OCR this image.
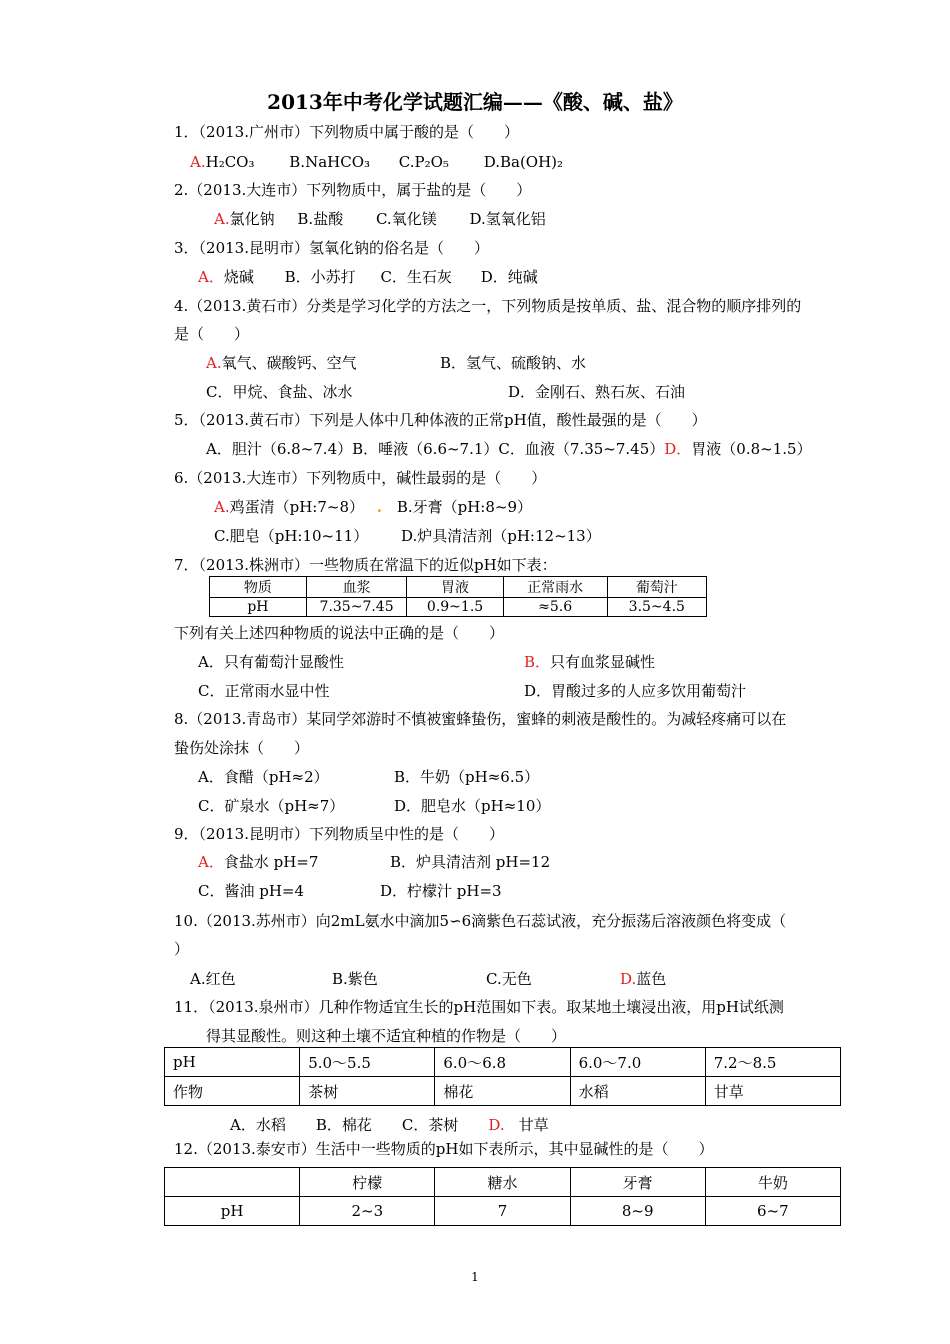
2013年中考化学试题汇编——《酸、碱、盐》
1．（2013.广州市）下列物质中属于酸的是（　　）
A.H₂CO₃ B.NaHCO₃ C.P₂O₅ D.Ba(OH)₂
2.（2013.大连市）下列物质中，属于盐的是（　　）
A.氯化钠 B.盐酸 C.氧化镁 D.氢氧化铝
3．（2013.昆明市）氢氧化钠的俗名是（　　）
A．烧碱 B．小苏打 C．生石灰 D．纯碱
4.（2013.黄石市）分类是学习化学的方法之一，下列物质是按单质、盐、混合物的顺序排列的
是（　　）
A.氧气、碳酸钙、空气	B．氢气、硫酸钠、水
C．甲烷、食盐、冰水	D．金刚石、熟石灰、石油
5．（2013.黄石市）下列是人体中几种体液的正常pH值，酸性最强的是（　　）
A．胆汁（6.8~7.4）B．唾液（6.6~7.1）C．血液（7.35~7.45）D．胃液（0.8~1.5）
6.（2013.大连市）下列物质中，碱性最弱的是（　　）
A.鸡蛋清（pH:7~8） . B.牙膏（pH:8~9）
C.肥皂（pH:10~11） D.炉具清洁剂（pH:12~13）
7．（2013.株洲市）一些物质在常温下的近似pH如下表：
物质	血浆	胃液	正常雨水	葡萄汁
pH	7.35~7.45	0.9~1.5	≈5.6	3.5~4.5
下列有关上述四种物质的说法中正确的是（　　）
A．只有葡萄汁显酸性	B．只有血浆显碱性
C．正常雨水显中性	D．胃酸过多的人应多饮用葡萄汁
8.（2013.青岛市）某同学郊游时不慎被蜜蜂蛰伤，蜜蜂的刺液是酸性的。为减轻疼痛可以在
蛰伤处涂抹（　　）
A．食醋（pH≈2）	B．牛奶（pH≈6.5）
C．矿泉水（pH≈7）	D．肥皂水（pH≈10）
9．（2013.昆明市）下列物质呈中性的是（　　）
A．食盐水 pH=7	B．炉具清洁剂 pH=12
C．酱油 pH=4	D．柠檬汁 pH=3
10.（2013.苏州市）向2mL氨水中滴加5∽6滴紫色石蕊试液，充分振荡后溶液颜色将变成（
）
A.红色	B.紫色	C.无色	D.蓝色
11．（2013.泉州市）几种作物适宜生长的pH范围如下表。取某地土壤浸出液，用pH试纸测
得其显酸性。则这种土壤不适宜种植的作物是（　　）
pH	5.0～5.5	6.0～6.8	6.0～7.0	7.2～8.5
作物	茶树	棉花	水稻	甘草
A．水稻　　B．棉花　　C．茶树　　D. 甘草
12.（2013.泰安市）生活中一些物质的pH如下表所示，其中显碱性的是（　　）
	柠檬	糖水	牙膏	牛奶
pH	2~3	7	8~9	6~7
1
